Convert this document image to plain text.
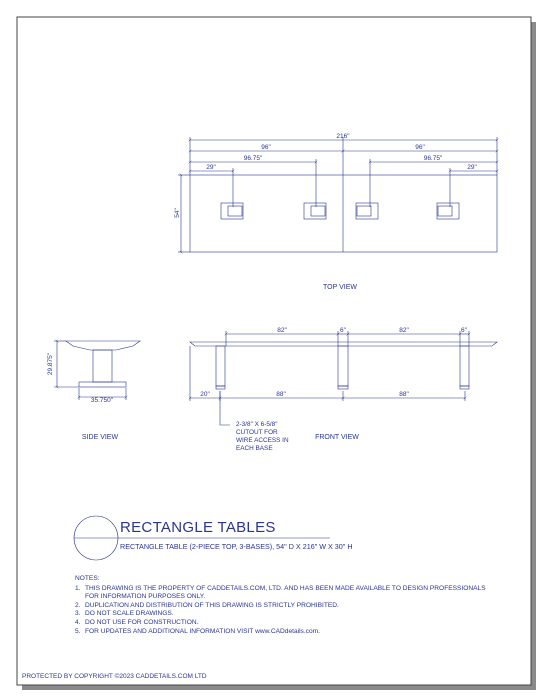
216"
96"	96"
96.75"	96.75"
29"	29"
54"
82"	6"	82"	6"
20"	88"	88"
29.875"
35.750"
2-3/8" X 6-5/8"
CUTOUT FOR
WIRE ACCESS IN
EACH BASE
TOP VIEW
SIDE VIEW	FRONT VIEW
RECTANGLE TABLES
RECTANGLE TABLE (2-PIECE TOP, 3-BASES), 54" D X 216" W X 30" H
NOTES:
1. THIS DRAWING IS THE PROPERTY OF CADDETAILS.COM, LTD. AND HAS BEEN MADE AVAILABLE TO DESIGN PROFESSIONALS FOR INFORMATION PURPOSES ONLY.
2. DUPLICATION AND DISTRIBUTION OF THIS DRAWING IS STRICTLY PROHIBITED.
3. DO NOT SCALE DRAWINGS.
4. DO NOT USE FOR CONSTRUCTION.
5. FOR UPDATES AND ADDITIONAL INFORMATION VISIT www.CADdetails.com.
PROTECTED BY COPYRIGHT ©2023 CADDETAILS.COM LTD
